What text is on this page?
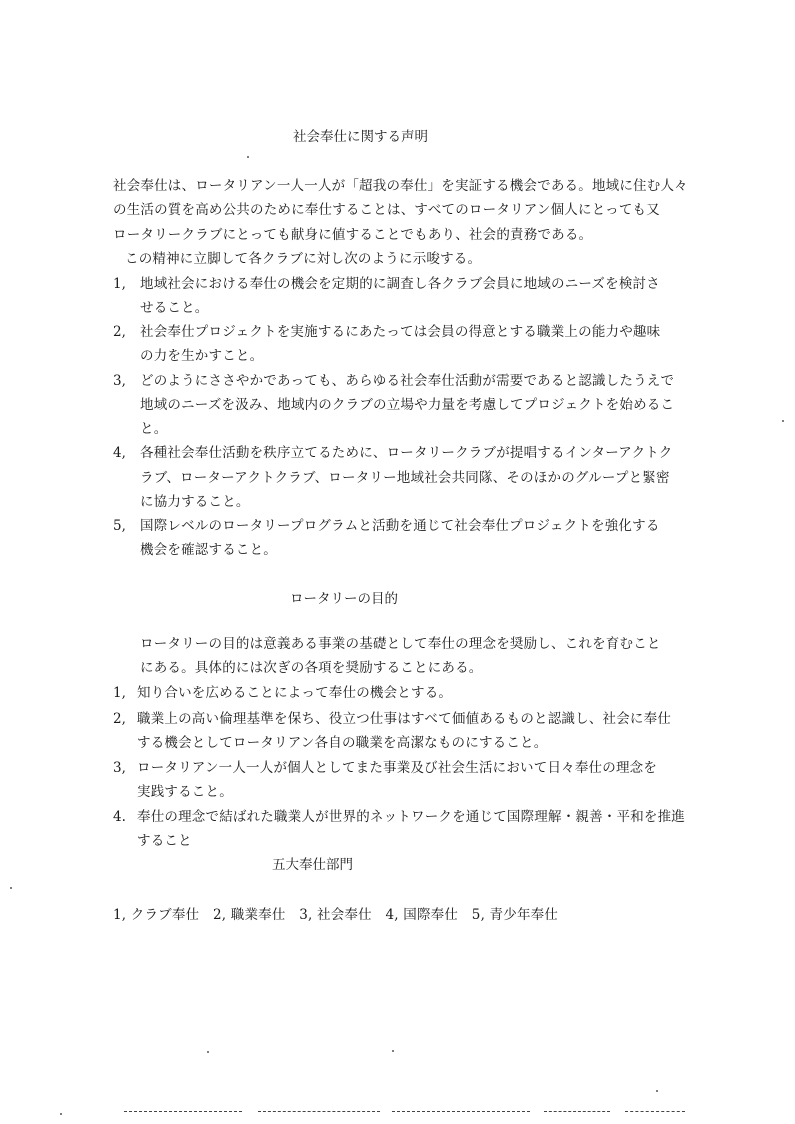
社会奉仕に関する声明
社会奉仕は、ロータリアン一人一人が「超我の奉仕」を実証する機会である。地域に住む人々
の生活の質を高め公共のために奉仕することは、すべてのロータリアン個人にとっても又
ロータリークラブにとっても献身に値することでもあり、社会的責務である。
この精神に立脚して各クラブに対し次のように示唆する。
1, 地域社会における奉仕の機会を定期的に調査し各クラブ会員に地域のニーズを検討さ
せること。
2, 社会奉仕プロジェクトを実施するにあたっては会員の得意とする職業上の能力や趣味
の力を生かすこと。
3, どのようにささやかであっても、あらゆる社会奉仕活動が需要であると認識したうえで
地域のニーズを汲み、地域内のクラブの立場や力量を考慮してプロジェクトを始めるこ
と。
4, 各種社会奉仕活動を秩序立てるために、ロータリークラブが提唱するインターアクトク
ラブ、ローターアクトクラブ、ロータリー地域社会共同隊、そのほかのグループと緊密
に協力すること。
5, 国際レベルのロータリープログラムと活動を通じて社会奉仕プロジェクトを強化する
機会を確認すること。
ロータリーの目的
ロータリーの目的は意義ある事業の基礎として奉仕の理念を奨励し、これを育むこと
にある。具体的には次ぎの各項を奨励することにある。
1, 知り合いを広めることによって奉仕の機会とする。
2, 職業上の高い倫理基準を保ち、役立つ仕事はすべて価値あるものと認識し、社会に奉仕
する機会としてロータリアン各自の職業を高潔なものにすること。
3, ロータリアン一人一人が個人としてまた事業及び社会生活において日々奉仕の理念を
実践すること。
4. 奉仕の理念で結ばれた職業人が世界的ネットワークを通じて国際理解・親善・平和を推進
すること
五大奉仕部門
1, クラブ奉仕　2, 職業奉仕　3, 社会奉仕　4, 国際奉仕　5, 青少年奉仕
